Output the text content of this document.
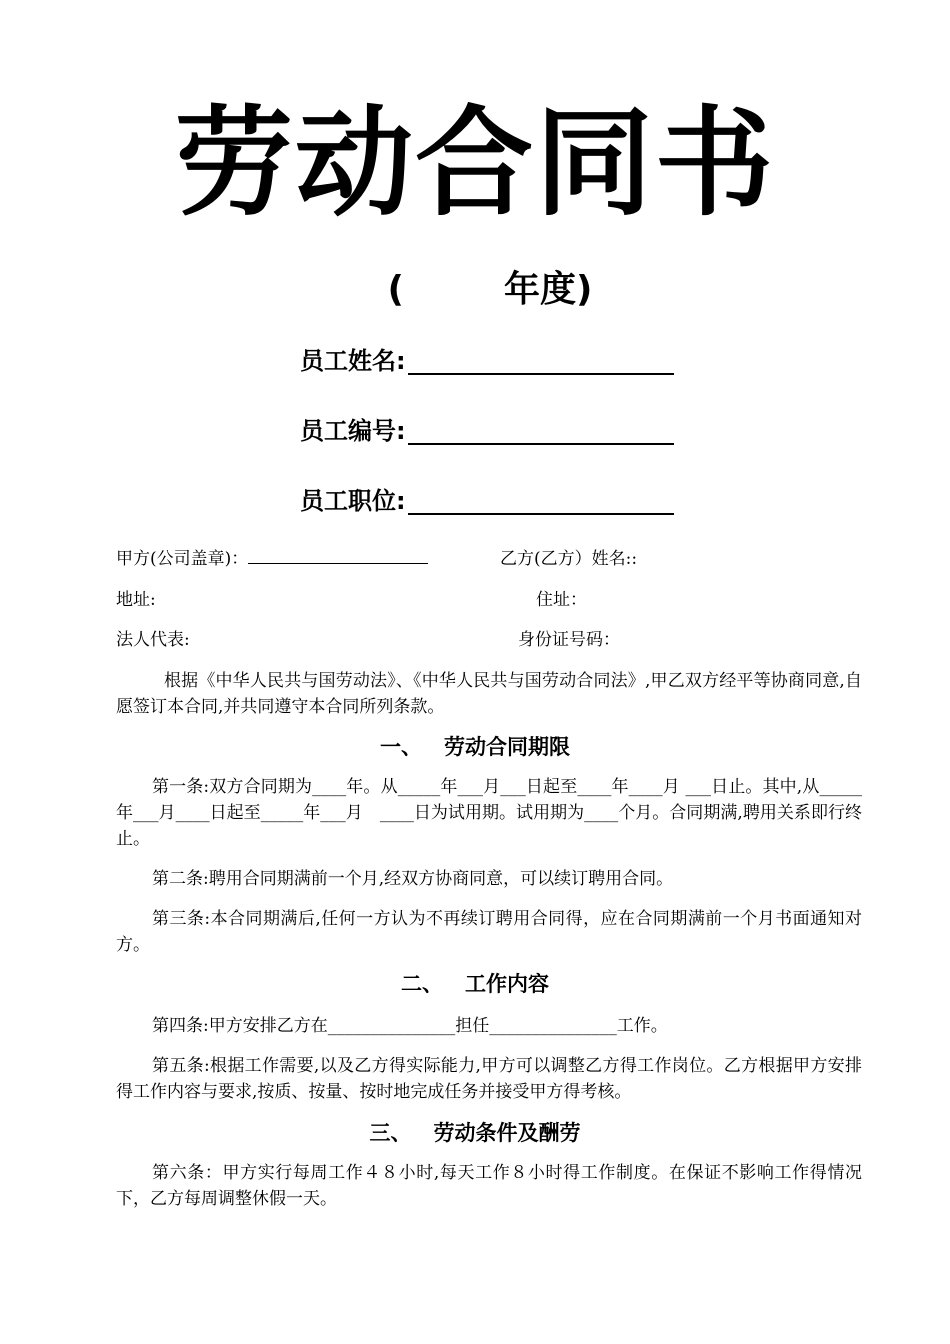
劳动合同书
(	年度)
员工姓名:
员工编号:
员工职位:
甲方(公司盖章)：	乙方(乙方）姓名::
地址:	住址：
法人代表:	身份证号码：
根据《中华人民共与国劳动法》、《中华人民共与国劳动合同法》,甲乙双方经平等协商同意,自愿签订本合同,并共同遵守本合同所列条款。
一、 劳动合同期限
第一条:双方合同期为____年。从_____年___月___日起至____年____月 ___日止。其中,从_____年___月____日起至_____年___月　____日为试用期。试用期为____个月。合同期满,聘用关系即行终止。
第二条:聘用合同期满前一个月,经双方协商同意，可以续订聘用合同。
第三条:本合同期满后,任何一方认为不再续订聘用合同得，应在合同期满前一个月书面通知对方。
二、 工作内容
第四条:甲方安排乙方在_______________担任_______________工作。
第五条:根据工作需要,以及乙方得实际能力,甲方可以调整乙方得工作岗位。乙方根据甲方安排得工作内容与要求,按质、按量、按时地完成任务并接受甲方得考核。
三、 劳动条件及酬劳
第六条：甲方实行每周工作４８小时,每天工作８小时得工作制度。在保证不影响工作得情况下，乙方每周调整休假一天。
